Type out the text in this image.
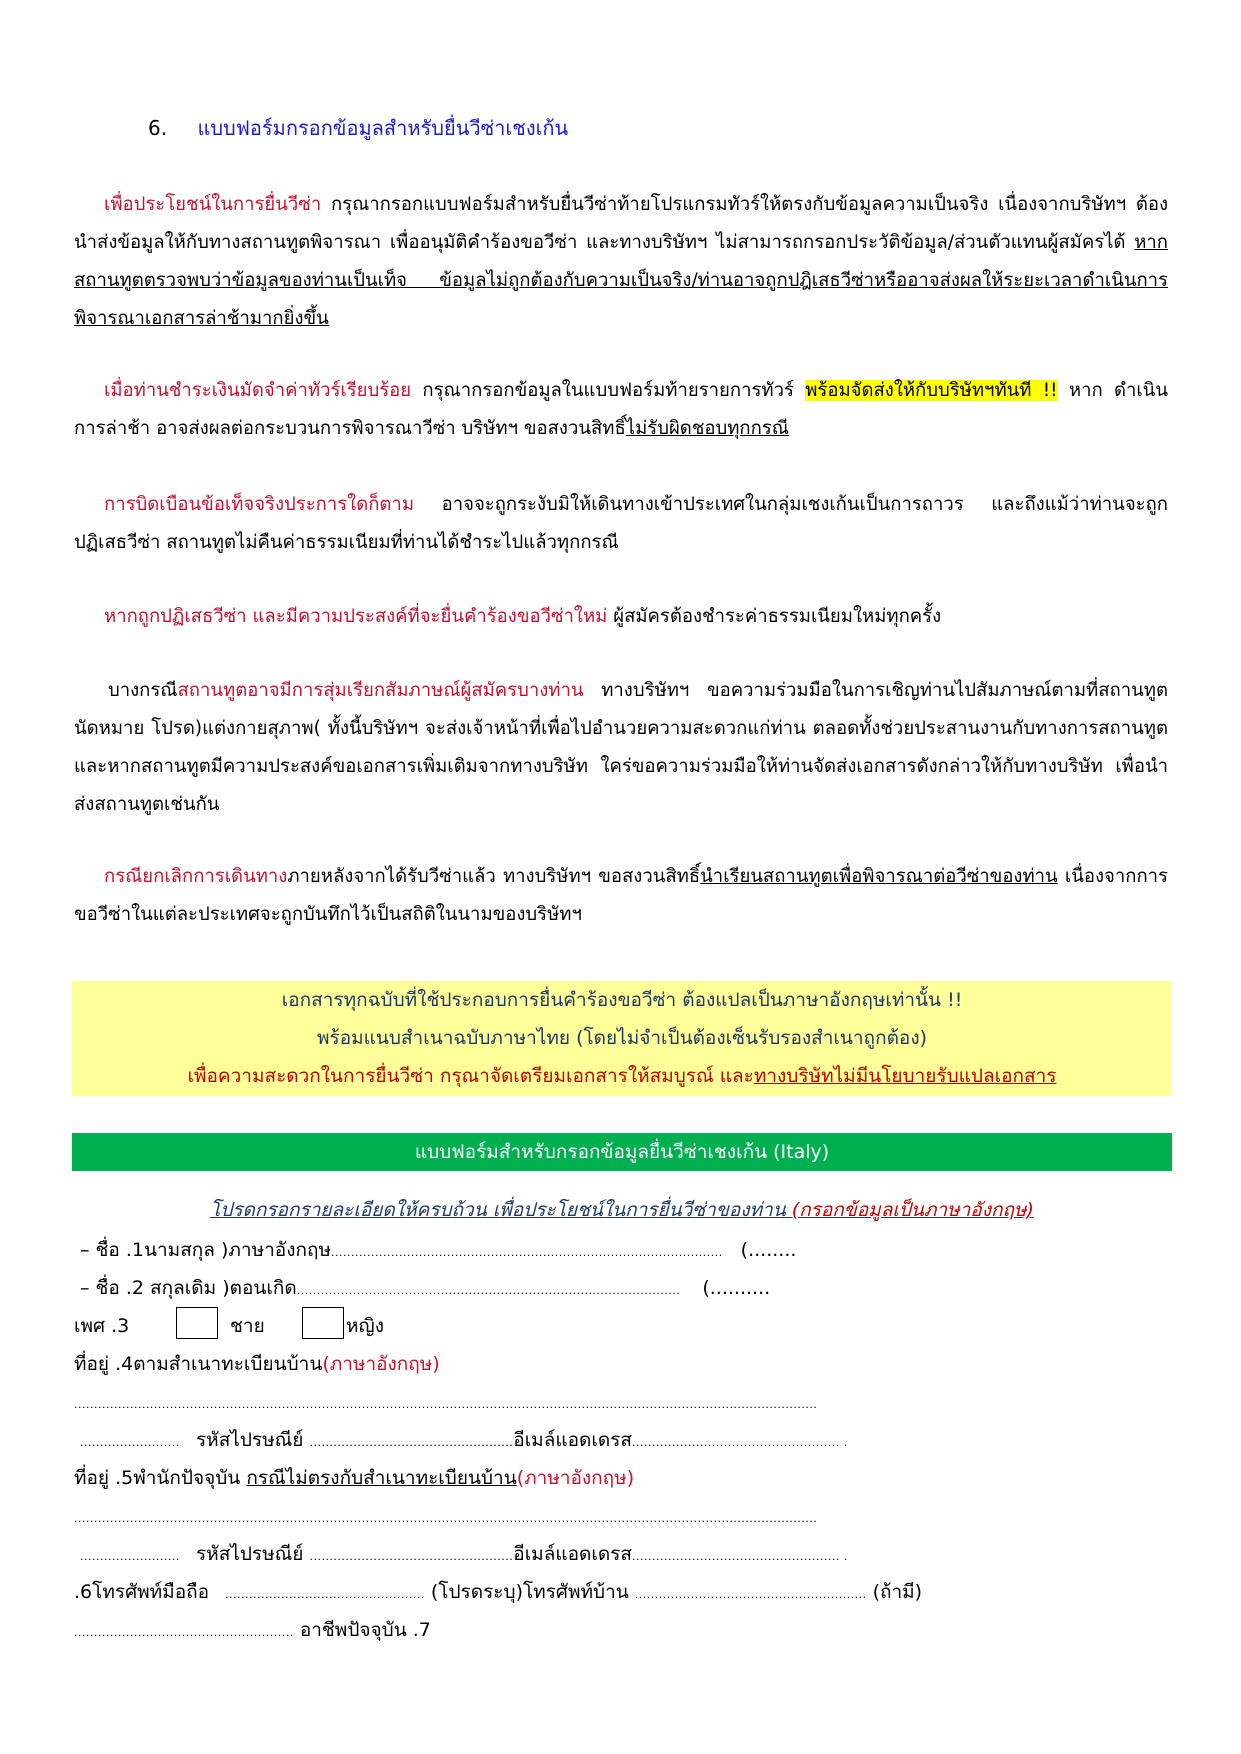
6. แบบฟอร์มกรอกข้อมูลสำหรับยื่นวีซ่าเชงเก้น
เพื่อประโยชน์ในการยื่นวีซ่า กรุณากรอกแบบฟอร์มสำหรับยื่นวีซ่าท้ายโปรแกรมทัวร์ให้ตรงกับข้อมูลความเป็นจริง เนื่องจากบริษัทฯ ต้องนำส่งข้อมูลให้กับทางสถานทูตพิจารณา เพื่ออนุมัติคำร้องขอวีซ่า และทางบริษัทฯ ไม่สามารถกรอกประวัติข้อมูล/ส่วนตัวแทนผู้สมัครได้ หากสถานทูตตรวจพบว่าข้อมูลของท่านเป็นเท็จ ข้อมูลไม่ถูกต้องกับความเป็นจริง/ท่านอาจถูกปฎิเสธวีซ่าหรืออาจส่งผลให้ระยะเวลาดำเนินการพิจารณาเอกสารล่าช้ามากยิ่งขึ้น
เมื่อท่านชำระเงินมัดจำค่าทัวร์เรียบร้อย กรุณากรอกข้อมูลในแบบฟอร์มท้ายรายการทัวร์ พร้อมจัดส่งให้กับบริษัทฯทันที !! หาก ดำเนินการล่าช้า อาจส่งผลต่อกระบวนการพิจารณาวีซ่า บริษัทฯ ขอสงวนสิทธิ์ไม่รับผิดชอบทุกกรณี
การบิดเบือนข้อเท็จจริงประการใดก็ตาม อาจจะถูกระงับมิให้เดินทางเข้าประเทศในกลุ่มเชงเก้นเป็นการถาวร และถึงแม้ว่าท่านจะถูกปฏิเสธวีซ่า สถานทูตไม่คืนค่าธรรมเนียมที่ท่านได้ชำระไปแล้วทุกกรณี
หากถูกปฏิเสธวีซ่า และมีความประสงค์ที่จะยื่นคำร้องขอวีซ่าใหม่ ผู้สมัครต้องชำระค่าธรรมเนียมใหม่ทุกครั้ง
บางกรณีสถานทูตอาจมีการสุ่มเรียกสัมภาษณ์ผู้สมัครบางท่าน ทางบริษัทฯ ขอความร่วมมือในการเชิญท่านไปสัมภาษณ์ตามที่สถานทูตนัดหมาย โปรด)แต่งกายสุภาพ( ทั้งนี้บริษัทฯ จะส่งเจ้าหน้าที่เพื่อไปอำนวยความสะดวกแก่ท่าน ตลอดทั้งช่วยประสานงานกับทางการสถานทูต และหากสถานทูตมีความประสงค์ขอเอกสารเพิ่มเติมจากทางบริษัท ใคร่ขอความร่วมมือให้ท่านจัดส่งเอกสารดังกล่าวให้กับทางบริษัท เพื่อนำส่งสถานทูตเช่นกัน
กรณียกเลิกการเดินทางภายหลังจากได้รับวีซ่าแล้ว ทางบริษัทฯ ขอสงวนสิทธิ์นำเรียนสถานทูตเพื่อพิจารณาต่อวีซ่าของท่าน เนื่องจากการขอวีซ่าในแต่ละประเทศจะถูกบันทึกไว้เป็นสถิติในนามของบริษัทฯ
เอกสารทุกฉบับที่ใช้ประกอบการยื่นคำร้องขอวีซ่า ต้องแปลเป็นภาษาอังกฤษเท่านั้น !!
พร้อมแนบสำเนาฉบับภาษาไทย (โดยไม่จำเป็นต้องเซ็นรับรองสำเนาถูกต้อง)
เพื่อความสะดวกในการยื่นวีซ่า กรุณาจัดเตรียมเอกสารให้สมบูรณ์ และทางบริษัทไม่มีนโยบายรับแปลเอกสาร
แบบฟอร์มสำหรับกรอกข้อมูลยื่นวีซ่าเชงเก้น (Italy)
โปรดกรอกรายละเอียดให้ครบถ้วน เพื่อประโยชน์ในการยื่นวีซ่าของท่าน (กรอกข้อมูลเป็นภาษาอังกฤษ)
– ชื่อ .1นามสกุล )ภาษาอังกฤษ.................................................................................................. (........
– ชื่อ .2 สกุลเดิม )ตอนเกิด................................................................................................ (..........
เพศ .3	ชาย	หญิง
ที่อยู่ .4ตามสำเนาทะเบียนบ้าน(ภาษาอังกฤษ)
..........................................................................................................................................................................................
......................... รหัสไปรษณีย์ ...................................................อีเมล์แอดเดรส.................................................... .
ที่อยู่ .5พำนักปัจจุบัน กรณีไม่ตรงกับสำเนาทะเบียนบ้าน(ภาษาอังกฤษ)
..........................................................................................................................................................................................
......................... รหัสไปรษณีย์ ...................................................อีเมล์แอดเดรส.................................................... .
.6โทรศัพท์มือถือ .................................................. (โปรดระบุ)โทรศัพท์บ้าน .......................................................... (ถ้ามี)
....................................................... อาชีพปัจจุบัน .7
